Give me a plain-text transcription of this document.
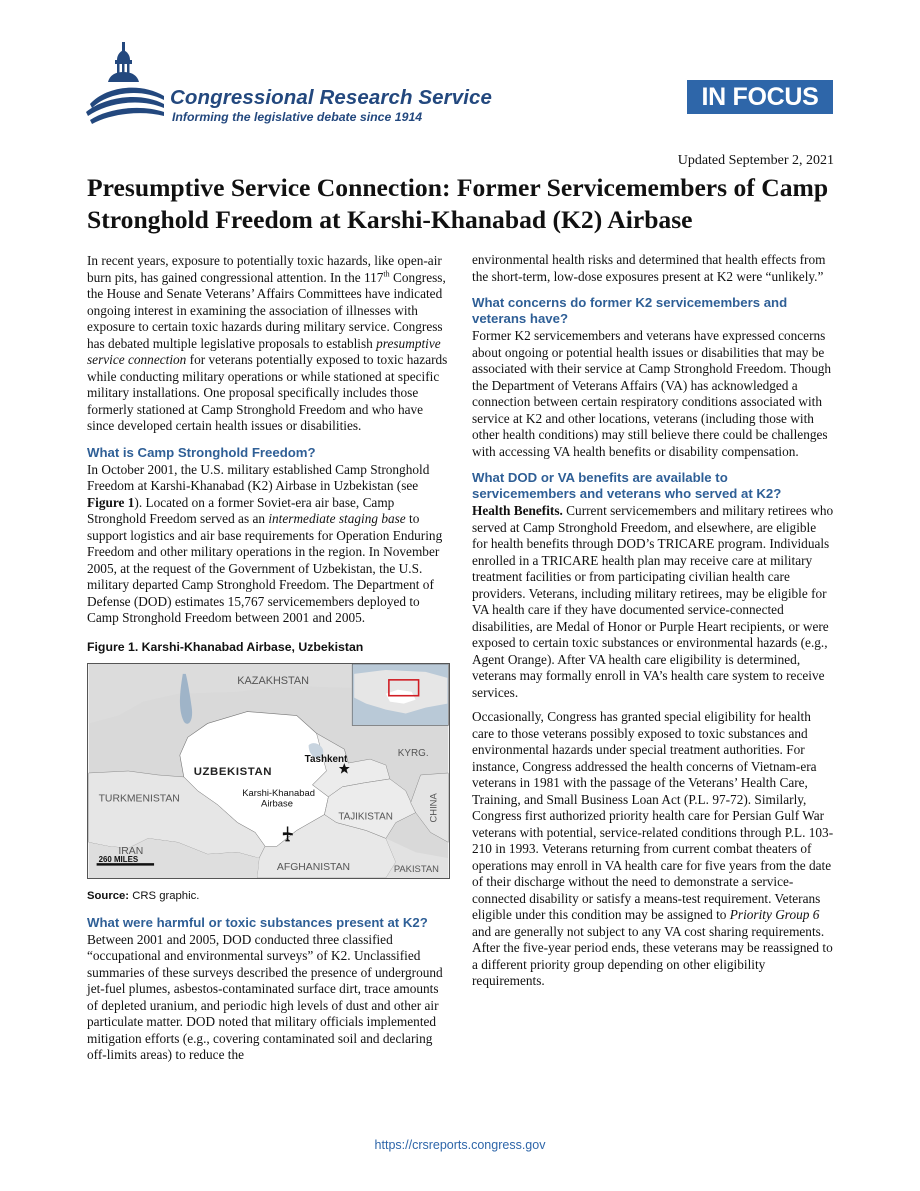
Congressional Research Service
Informing the legislative debate since 1914
IN FOCUS
Updated September 2, 2021
Presumptive Service Connection: Former Servicemembers of Camp Stronghold Freedom at Karshi-Khanabad (K2) Airbase

In recent years, exposure to potentially toxic hazards, like open-air burn pits, has gained congressional attention. In the 117th Congress, the House and Senate Veterans’ Affairs Committees have indicated ongoing interest in examining the association of illnesses with exposure to certain toxic hazards during military service. Congress has debated multiple legislative proposals to establish presumptive service connection for veterans potentially exposed to toxic hazards while conducting military operations or while stationed at specific military installations. One proposal specifically includes those formerly stationed at Camp Stronghold Freedom and who have since developed certain health issues or disabilities.

What is Camp Stronghold Freedom?

In October 2001, the U.S. military established Camp Stronghold Freedom at Karshi-Khanabad (K2) Airbase in Uzbekistan (see Figure 1). Located on a former Soviet-era air base, Camp Stronghold Freedom served as an intermediate staging base to support logistics and air base requirements for Operation Enduring Freedom and other military operations in the region. In November 2005, at the request of the Government of Uzbekistan, the U.S. military departed Camp Stronghold Freedom. The Department of Defense (DOD) estimates 15,767 servicemembers deployed to Camp Stronghold Freedom between 2001 and 2005.

Figure 1. Karshi-Khanabad Airbase, Uzbekistan
KAZAKHSTAN
UZBEKISTAN
Tashkent
KYRG.
TURKMENISTAN
Karshi-Khanabad
Airbase
TAJIKISTAN	CHINA
IRAN
AFGHANISTAN	PAKISTAN
260 MILES
Source: CRS graphic.
What were harmful or toxic substances present at K2?

Between 2001 and 2005, DOD conducted three classified “occupational and environmental surveys” of K2. Unclassified summaries of these surveys described the presence of underground jet-fuel plumes, asbestos-contaminated surface dirt, trace amounts of depleted uranium, and periodic high levels of dust and other air particulate matter. DOD noted that military officials implemented mitigation efforts (e.g., covering contaminated soil and declaring off-limits areas) to reduce the

environmental health risks and determined that health effects from the short-term, low-dose exposures present at K2 were “unlikely.”

What concerns do former K2 servicemembers and veterans have?

Former K2 servicemembers and veterans have expressed concerns about ongoing or potential health issues or disabilities that may be associated with their service at Camp Stronghold Freedom. Though the Department of Veterans Affairs (VA) has acknowledged a connection between certain respiratory conditions associated with service at K2 and other locations, veterans (including those with other health conditions) may still believe there could be challenges with accessing VA health benefits or disability compensation.

What DOD or VA benefits are available to servicemembers and veterans who served at K2?

Health Benefits. Current servicemembers and military retirees who served at Camp Stronghold Freedom, and elsewhere, are eligible for health benefits through DOD’s TRICARE program. Individuals enrolled in a TRICARE health plan may receive care at military treatment facilities or from participating civilian health care providers. Veterans, including military retirees, may be eligible for VA health care if they have documented service-connected disabilities, are Medal of Honor or Purple Heart recipients, or were exposed to certain toxic substances or environmental hazards (e.g., Agent Orange). After VA health care eligibility is determined, veterans may formally enroll in VA’s health care system to receive services.

Occasionally, Congress has granted special eligibility for health care to those veterans possibly exposed to toxic substances and environmental hazards under special treatment authorities. For instance, Congress addressed the health concerns of Vietnam-era veterans in 1981 with the passage of the Veterans’ Health Care, Training, and Small Business Loan Act (P.L. 97-72). Similarly, Congress first authorized priority health care for Persian Gulf War veterans with potential, service-related conditions through P.L. 103-210 in 1993. Veterans returning from current combat theaters of operations may enroll in VA health care for five years from the date of their discharge without the need to demonstrate a service-connected disability or satisfy a means-test requirement. Veterans eligible under this condition may be assigned to Priority Group 6 and are generally not subject to any VA cost sharing requirements. After the five-year period ends, these veterans may be reassigned to a different priority group depending on other eligibility requirements.

https://crsreports.congress.gov
